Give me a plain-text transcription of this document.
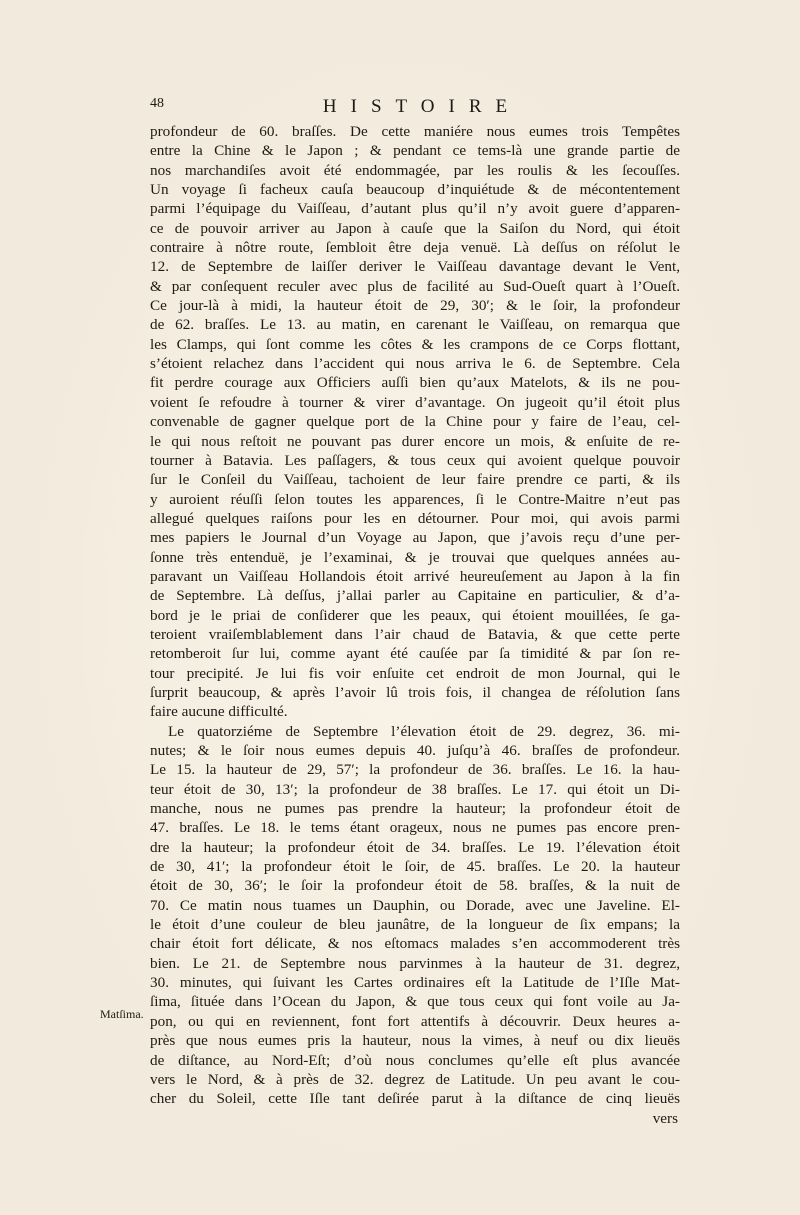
48	HISTOIRE
Matſima.

profondeur de 60. braſſes. De cette maniére nous eumes trois Tempêtes
entre la Chine & le Japon ; & pendant ce tems-là une grande partie de
nos marchandiſes avoit été endommagée, par les roulis & les ſecouſſes.
Un voyage ſi facheux cauſa beaucoup d’inquiétude & de mécontentement
parmi l’équipage du Vaiſſeau, d’autant plus qu’il n’y avoit guere d’apparen-
ce de pouvoir arriver au Japon à cauſe que la Saiſon du Nord, qui étoit
contraire à nôtre route, ſembloit être deja venuë. Là deſſus on réſolut le
12. de Septembre de laiſſer deriver le Vaiſſeau davantage devant le Vent,
& par conſequent reculer avec plus de facilité au Sud-Oueſt quart à l’Oueſt.
Ce jour-là à midi, la hauteur étoit de 29, 30′; & le ſoir, la profondeur
de 62. braſſes. Le 13. au matin, en carenant le Vaiſſeau, on remarqua que
les Clamps, qui ſont comme les côtes & les crampons de ce Corps flottant,
s’étoient relachez dans l’accident qui nous arriva le 6. de Septembre. Cela
fit perdre courage aux Officiers auſſi bien qu’aux Matelots, & ils ne pou-
voient ſe refoudre à tourner & virer d’avantage. On jugeoit qu’il étoit plus
convenable de gagner quelque port de la Chine pour y faire de l’eau, cel-
le qui nous reſtoit ne pouvant pas durer encore un mois, & enſuite de re-
tourner à Batavia. Les paſſagers, & tous ceux qui avoient quelque pouvoir
ſur le Conſeil du Vaiſſeau, tachoient de leur faire prendre ce parti, & ils
y auroient réuſſi ſelon toutes les apparences, ſi le Contre-Maitre n’eut pas
allegué quelques raiſons pour les en détourner. Pour moi, qui avois parmi
mes papiers le Journal d’un Voyage au Japon, que j’avois reçu d’une per-
ſonne très entenduë, je l’examinai, & je trouvai que quelques années au-
paravant un Vaiſſeau Hollandois étoit arrivé heureuſement au Japon à la fin
de Septembre. Là deſſus, j’allai parler au Capitaine en particulier, & d’a-
bord je le priai de conſiderer que les peaux, qui étoient mouillées, ſe ga-
teroient vraiſemblablement dans l’air chaud de Batavia, & que cette perte
retomberoit ſur lui, comme ayant été cauſée par ſa timidité & par ſon re-
tour precipité. Je lui fis voir enſuite cet endroit de mon Journal, qui le
ſurprit beaucoup, & après l’avoir lû trois fois, il changea de réſolution ſans
faire aucune difficulté.

Le quatorziéme de Septembre l’élevation étoit de 29. degrez, 36. mi-
nutes; & le ſoir nous eumes depuis 40. juſqu’à 46. braſſes de profondeur.
Le 15. la hauteur de 29, 57′; la profondeur de 36. braſſes. Le 16. la hau-
teur étoit de 30, 13′; la profondeur de 38 braſſes. Le 17. qui étoit un Di-
manche, nous ne pumes pas prendre la hauteur; la profondeur étoit de
47. braſſes. Le 18. le tems étant orageux, nous ne pumes pas encore pren-
dre la hauteur; la profondeur étoit de 34. braſſes. Le 19. l’élevation étoit
de 30, 41′; la profondeur étoit le ſoir, de 45. braſſes. Le 20. la hauteur
étoit de 30, 36′; le ſoir la profondeur étoit de 58. braſſes, & la nuit de
70. Ce matin nous tuames un Dauphin, ou Dorade, avec une Javeline. El-
le étoit d’une couleur de bleu jaunâtre, de la longueur de ſix empans; la
chair étoit fort délicate, & nos eſtomacs malades s’en accommoderent très
bien. Le 21. de Septembre nous parvinmes à la hauteur de 31. degrez,
30. minutes, qui ſuivant les Cartes ordinaires eſt la Latitude de l’Iſle Mat-
ſima, ſituée dans l’Ocean du Japon, & que tous ceux qui font voile au Ja-
pon, ou qui en reviennent, font fort attentifs à découvrir. Deux heures a-
près que nous eumes pris la hauteur, nous la vimes, à neuf ou dix lieuës
de diſtance, au Nord-Eſt; d’où nous conclumes qu’elle eſt plus avancée
vers le Nord, & à près de 32. degrez de Latitude. Un peu avant le cou-
cher du Soleil, cette Iſle tant deſirée parut à la diſtance de cinq lieuës

vers
